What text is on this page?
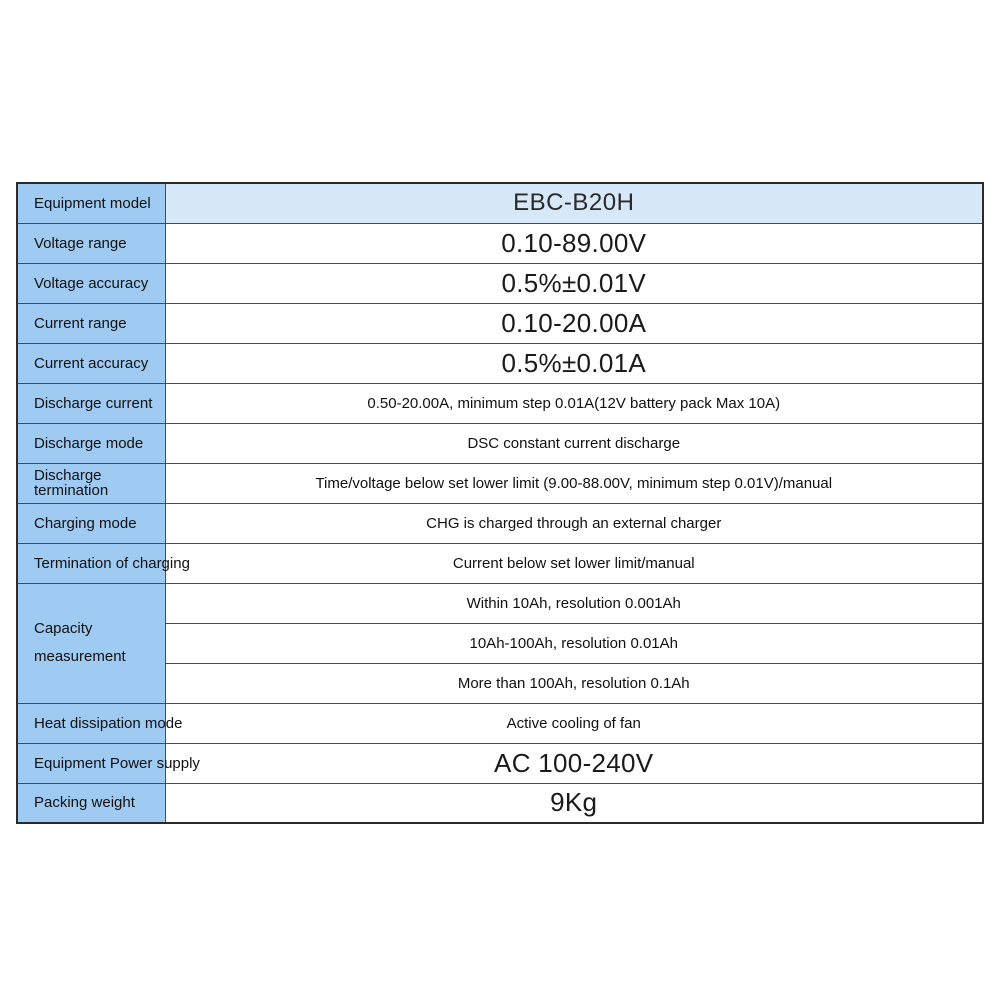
Equipment model	EBC-B20H
Voltage range	0.10-89.00V
Voltage accuracy	0.5%±0.01V
Current range	0.10-20.00A
Current accuracy	0.5%±0.01A
Discharge current	0.50-20.00A, minimum step 0.01A(12V battery pack Max 10A)
Discharge mode	DSC constant current discharge
Discharge
termination	Time/voltage below set lower limit (9.00-88.00V, minimum step 0.01V)/manual
Charging mode	CHG is charged through an external charger
Termination of charging	Current below set lower limit/manual
Capacity
measurement	Within 10Ah, resolution 0.001Ah
	10Ah-100Ah, resolution 0.01Ah
	More than 100Ah, resolution 0.1Ah
Heat dissipation mode	Active cooling of fan
Equipment Power supply	AC 100-240V
Packing weight	9Kg
